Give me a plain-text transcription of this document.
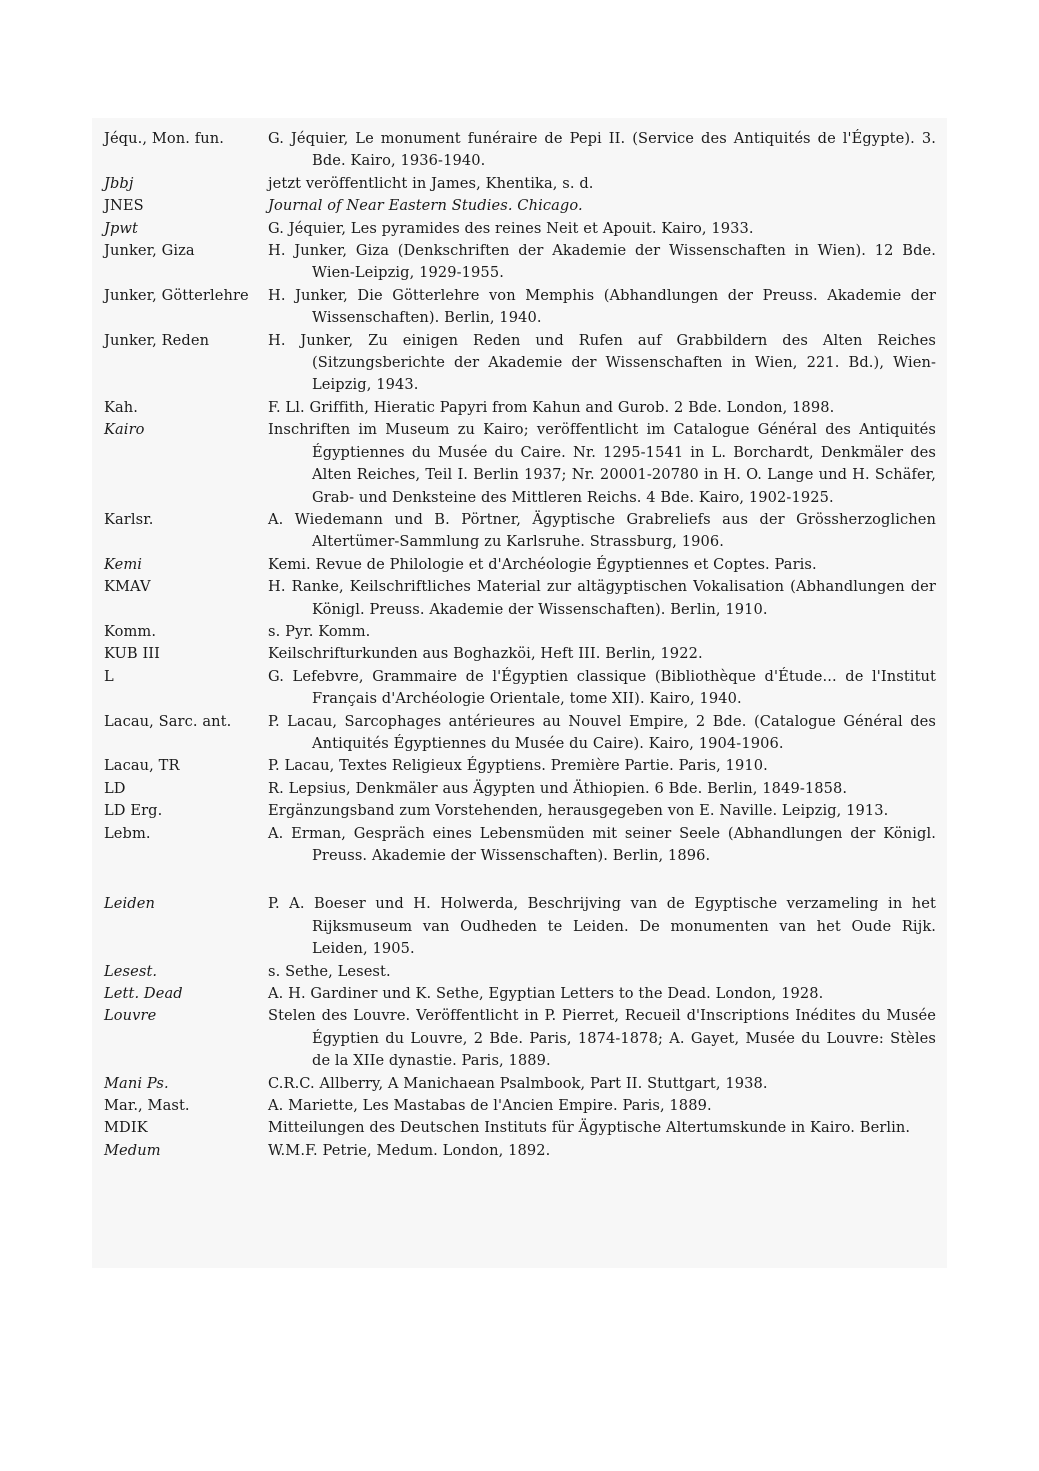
Jéqu., Mon. fun.	G. Jéquier, Le monument funéraire de Pepi II. (Service des Antiquités de l'Égypte). 3. Bde. Kairo, 1936-1940.
Jbbj	jetzt veröffentlicht in James, Khentika, s. d.
JNES	Journal of Near Eastern Studies. Chicago.
Jpwt	G. Jéquier, Les pyramides des reines Neit et Apouit. Kairo, 1933.
Junker, Giza	H. Junker, Giza (Denkschriften der Akademie der Wissenschaften in Wien). 12 Bde. Wien-Leipzig, 1929-1955.
Junker, Götterlehre	H. Junker, Die Götterlehre von Memphis (Abhandlungen der Preuss. Akademie der Wissenschaften). Berlin, 1940.
Junker, Reden	H. Junker, Zu einigen Reden und Rufen auf Grabbildern des Alten Reiches (Sitzungsberichte der Akademie der Wissenschaften in Wien, 221. Bd.), Wien-Leipzig, 1943.
Kah.	F. Ll. Griffith, Hieratic Papyri from Kahun and Gurob. 2 Bde. London, 1898.
Kairo	Inschriften im Museum zu Kairo; veröffentlicht im Catalogue Général des Antiquités Égyptiennes du Musée du Caire. Nr. 1295-1541 in L. Borchardt, Denkmäler des Alten Reiches, Teil I. Berlin 1937; Nr. 20001-20780 in H. O. Lange und H. Schäfer, Grab- und Denksteine des Mittleren Reichs. 4 Bde. Kairo, 1902-1925.
Karlsr.	A. Wiedemann und B. Pörtner, Ägyptische Grabreliefs aus der Grössherzoglichen Altertümer-Sammlung zu Karlsruhe. Strassburg, 1906.
Kemi	Kemi. Revue de Philologie et d'Archéologie Égyptiennes et Coptes. Paris.
KMAV	H. Ranke, Keilschriftliches Material zur altägyptischen Vokalisation (Abhandlungen der Königl. Preuss. Akademie der Wissenschaften). Berlin, 1910.
Komm.	s. Pyr. Komm.
KUB III	Keilschrifturkunden aus Boghazköi, Heft III. Berlin, 1922.
L	G. Lefebvre, Grammaire de l'Égyptien classique (Bibliothèque d'Étude... de l'Institut Français d'Archéologie Orientale, tome XII). Kairo, 1940.
Lacau, Sarc. ant.	P. Lacau, Sarcophages antérieures au Nouvel Empire, 2 Bde. (Catalogue Général des Antiquités Égyptiennes du Musée du Caire). Kairo, 1904-1906.
Lacau, TR	P. Lacau, Textes Religieux Égyptiens. Première Partie. Paris, 1910.
LD	R. Lepsius, Denkmäler aus Ägypten und Äthiopien. 6 Bde. Berlin, 1849-1858.
LD Erg.	Ergänzungsband zum Vorstehenden, herausgegeben von E. Naville. Leipzig, 1913.
Lebm.	A. Erman, Gespräch eines Lebensmüden mit seiner Seele (Abhandlungen der Königl. Preuss. Akademie der Wissenschaften). Berlin, 1896.
Leiden	P. A. Boeser und H. Holwerda, Beschrijving van de Egyptische verzameling in het Rijksmuseum van Oudheden te Leiden. De monumenten van het Oude Rijk. Leiden, 1905.
Lesest.	s. Sethe, Lesest.
Lett. Dead	A. H. Gardiner und K. Sethe, Egyptian Letters to the Dead. London, 1928.
Louvre	Stelen des Louvre. Veröffentlicht in P. Pierret, Recueil d'Inscriptions Inédites du Musée Égyptien du Louvre, 2 Bde. Paris, 1874-1878; A. Gayet, Musée du Louvre: Stèles de la XIIe dynastie. Paris, 1889.
Mani Ps.	C.R.C. Allberry, A Manichaean Psalmbook, Part II. Stuttgart, 1938.
Mar., Mast.	A. Mariette, Les Mastabas de l'Ancien Empire. Paris, 1889.
MDIK	Mitteilungen des Deutschen Instituts für Ägyptische Altertumskunde in Kairo. Berlin.
Medum	W.M.F. Petrie, Medum. London, 1892.
